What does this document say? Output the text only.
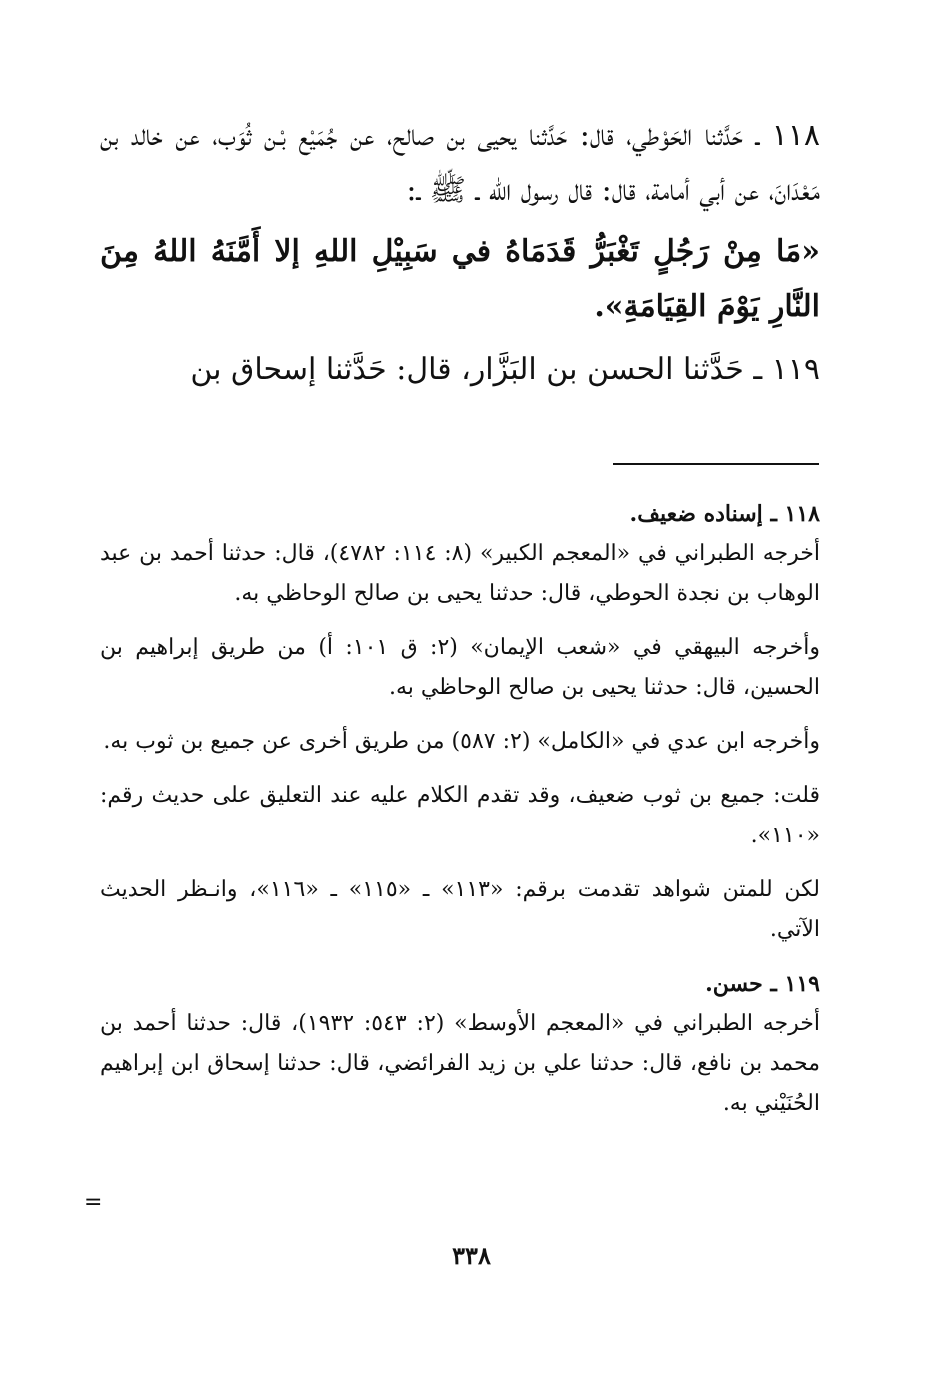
١١٨ ـ حَدَّثنا الحَوْطي، قال: حَدَّثنا يحيى بن صالح، عن جُمَيْع بْـن ثُوَب، عن خالد بن مَعْدَانَ، عن أبي أمامة، قال: قال رسول الله ـ ﷺ ـ:

«مَا مِنْ رَجُلٍ تَغْبَرُّ قَدَمَاهُ في سَبِيْلِ اللهِ إلا أَمَّنَهُ اللهُ مِنَ النَّارِ يَوْمَ القِيَامَةِ».

١١٩ ـ حَدَّثنا الحسن بن البَزَّار، قال: حَدَّثنا إسحاق بن

١١٨ ـ إسناده ضعيف.

أخرجه الطبراني في «المعجم الكبير» (٨: ١١٤: ٤٧٨٢)، قال: حدثنا أحمد بن عبد الوهاب بن نجدة الحوطي، قال: حدثنا يحيى بن صالح الوحاظي به.

وأخرجه البيهقي في «شعب الإيمان» (٢: ق ١٠١: أ) من طريق إبراهيم بن الحسين، قال: حدثنا يحيى بن صالح الوحاظي به.

وأخرجه ابن عدي في «الكامل» (٢: ٥٨٧) من طريق أخرى عن جميع بن ثوب به.

قلت: جميع بن ثوب ضعيف، وقد تقدم الكلام عليه عند التعليق على حديث رقم: «١١٠».

لكن للمتن شواهد تقدمت برقم: «١١٣» ـ «١١٥» ـ «١١٦»، وانـظر الحديث الآتي.

١١٩ ـ حسن.

أخرجه الطبراني في «المعجم الأوسط» (٢: ٥٤٣: ١٩٣٢)، قال: حدثنا أحمد بن محمد بن نافع، قال: حدثنا علي بن زيد الفرائضي، قال: حدثنا إسحاق ابن إبراهيم الحُنَيْني به.

=
٣٣٨
